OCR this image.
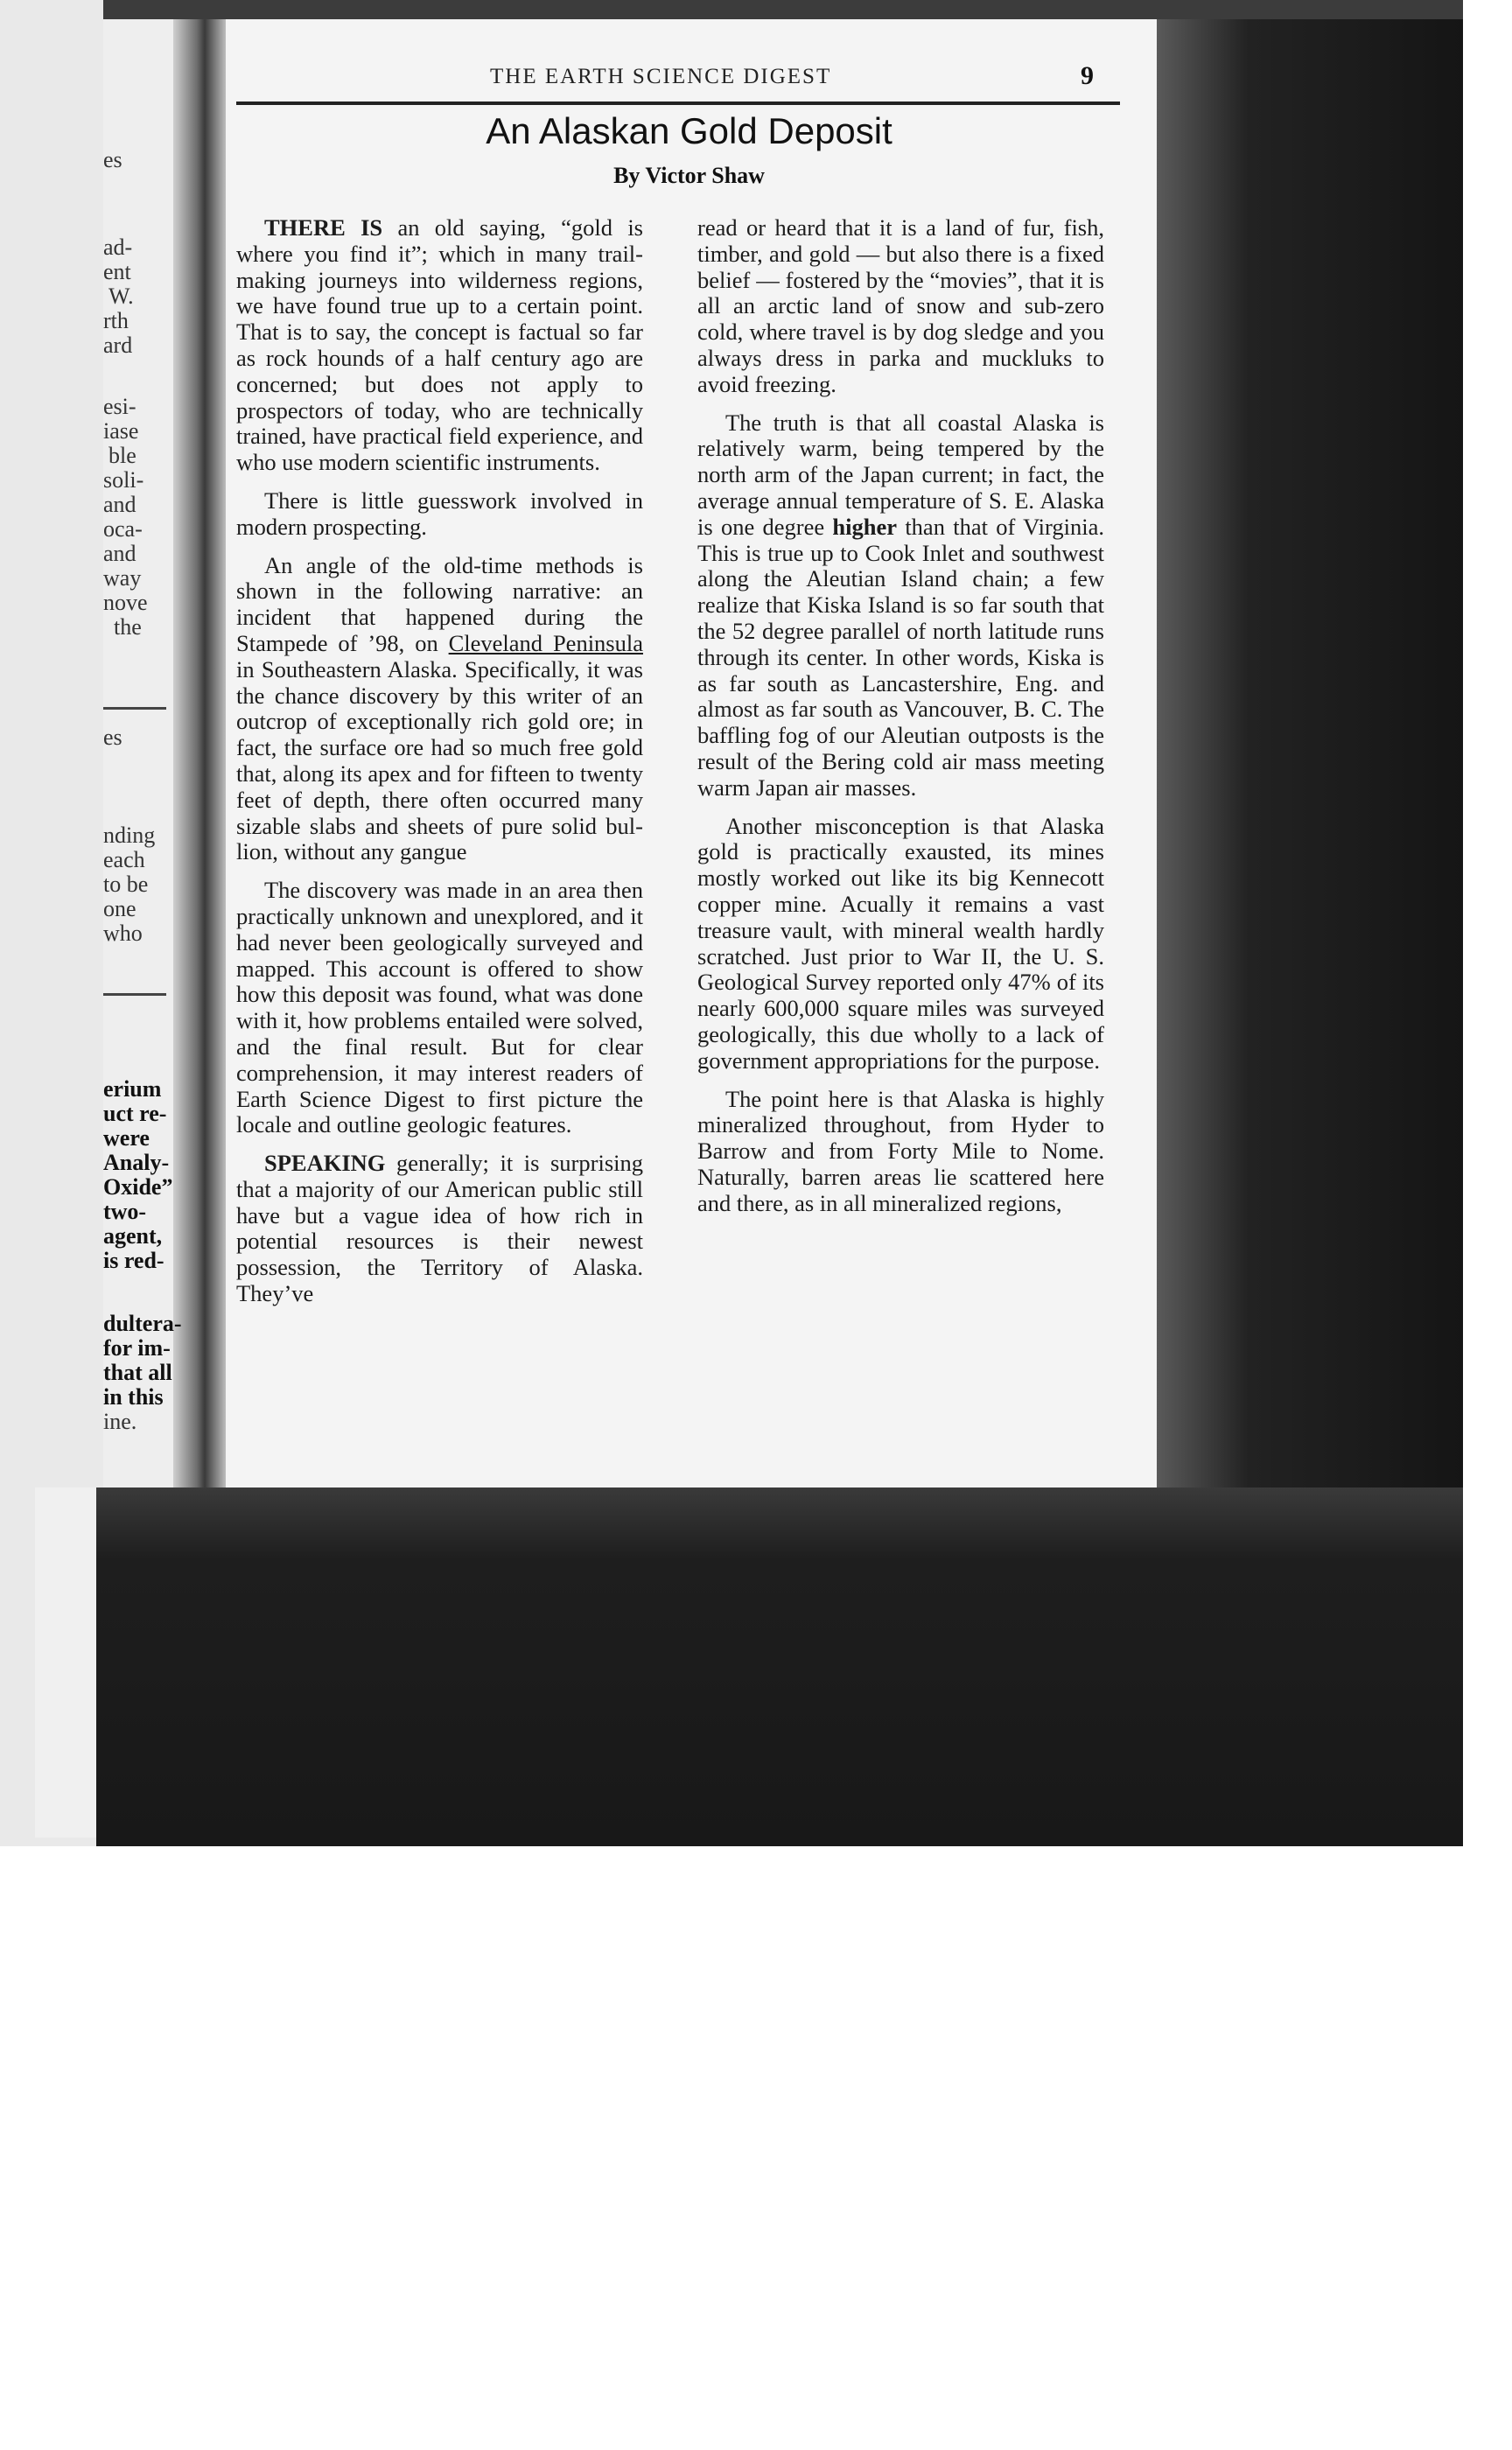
es
ad-
ent
W.
rth
ard
esi-
iase
ble
soli-
and
oca-
and
way
nove
the
es
nding
each
to be
one
who
erium
uct re-
were
Analy-
Oxide”
two-
agent,
is red-
dultera-
for im-
that all
in this
ine.
THE EARTH SCIENCE DIGEST	9
An Alaskan Gold Deposit
By Victor Shaw

THERE IS an old saying, “gold is where you find it”; which in many trail-making journeys into wilderness regions, we have found true up to a certain point. That is to say, the concept is factual so far as rock hounds of a half century ago are concerned; but does not apply to prospectors of today, who are technically trained, have practical field experience, and who use modern scientific instruments.

There is little guesswork involved in modern prospecting.

An angle of the old-time methods is shown in the following narrative: an incident that happened during the Stampede of ’98, on Cleveland Peninsula in Southeastern Alaska. Specifically, it was the chance discovery by this writer of an outcrop of exceptionally rich gold ore; in fact, the surface ore had so much free gold that, along its apex and for fifteen to twenty feet of depth, there often occurred many sizable slabs and sheets of pure solid bullion, without any gangue

The discovery was made in an area then practically unknown and unexplored, and it had never been geologically surveyed and mapped. This account is offered to show how this deposit was found, what was done with it, how problems entailed were solved, and the final result. But for clear comprehension, it may interest readers of Earth Science Digest to first picture the locale and outline geologic features.

SPEAKING generally; it is surprising that a majority of our American public still have but a vague idea of how rich in potential resources is their newest possession, the Territory of Alaska. They’ve

read or heard that it is a land of fur, fish, timber, and gold — but also there is a fixed belief — fostered by the “movies”, that it is all an arctic land of snow and sub-zero cold, where travel is by dog sledge and you always dress in parka and muckluks to avoid freezing.

The truth is that all coastal Alaska is relatively warm, being tempered by the north arm of the Japan current; in fact, the average annual temperature of S. E. Alaska is one degree higher than that of Virginia. This is true up to Cook Inlet and southwest along the Aleutian Island chain; a few realize that Kiska Island is so far south that the 52 degree parallel of north latitude runs through its center. In other words, Kiska is as far south as Lancastershire, Eng. and almost as far south as Vancouver, B. C. The baffling fog of our Aleutian outposts is the result of the Bering cold air mass meeting warm Japan air masses.

Another misconception is that Alaska gold is practically exausted, its mines mostly worked out like its big Kennecott copper mine. Acually it remains a vast treasure vault, with mineral wealth hardly scratched. Just prior to War II, the U. S. Geological Survey reported only 47% of its nearly 600,000 square miles was surveyed geologically, this due wholly to a lack of government appropriations for the purpose.

The point here is that Alaska is highly mineralized throughout, from Hyder to Barrow and from Forty Mile to Nome. Naturally, barren areas lie scattered here and there, as in all mineralized regions,
